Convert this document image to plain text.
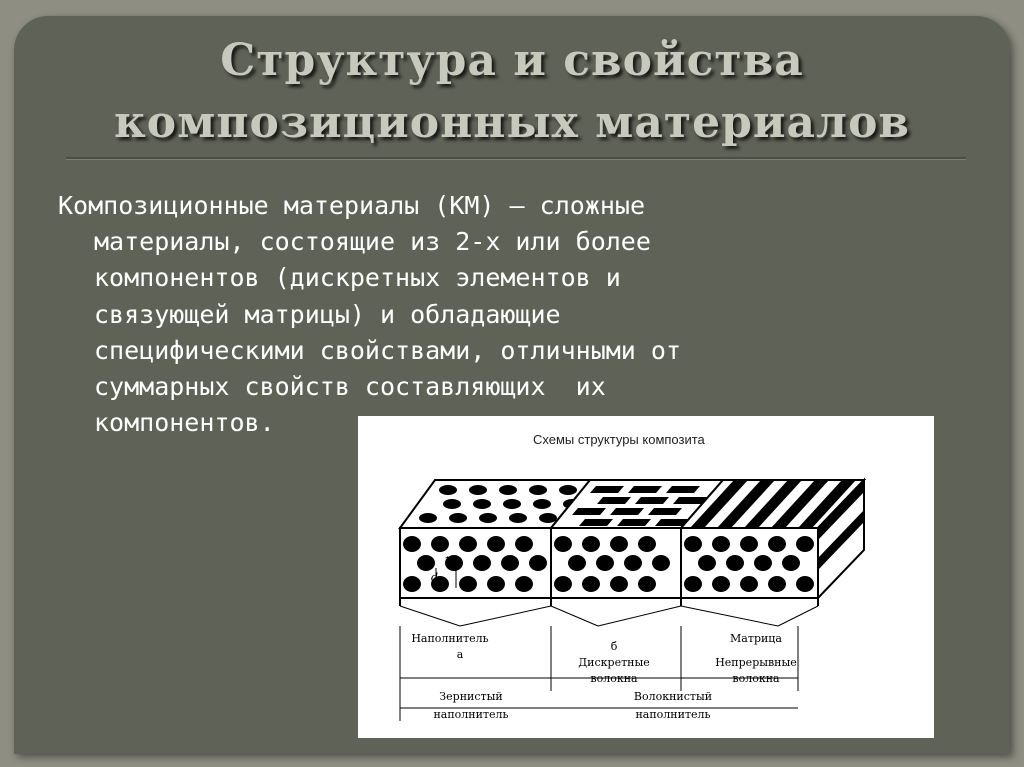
Структура и свойства
композиционных материалов
Композиционные материалы (КМ) – сложные
материалы, состоящие из 2-х или более
компонентов (дискретных элементов и
связующей матрицы) и обладающие
специфическими свойствами, отличными от
суммарных свойств составляющих  их
компонентов.
Схемы структуры композита
13
d
Наполнитель
а
б
Дискретные
волокна
Матрица
Непрерывные
волокна
Зернистый
наполнитель
Волокнистый
наполнитель
